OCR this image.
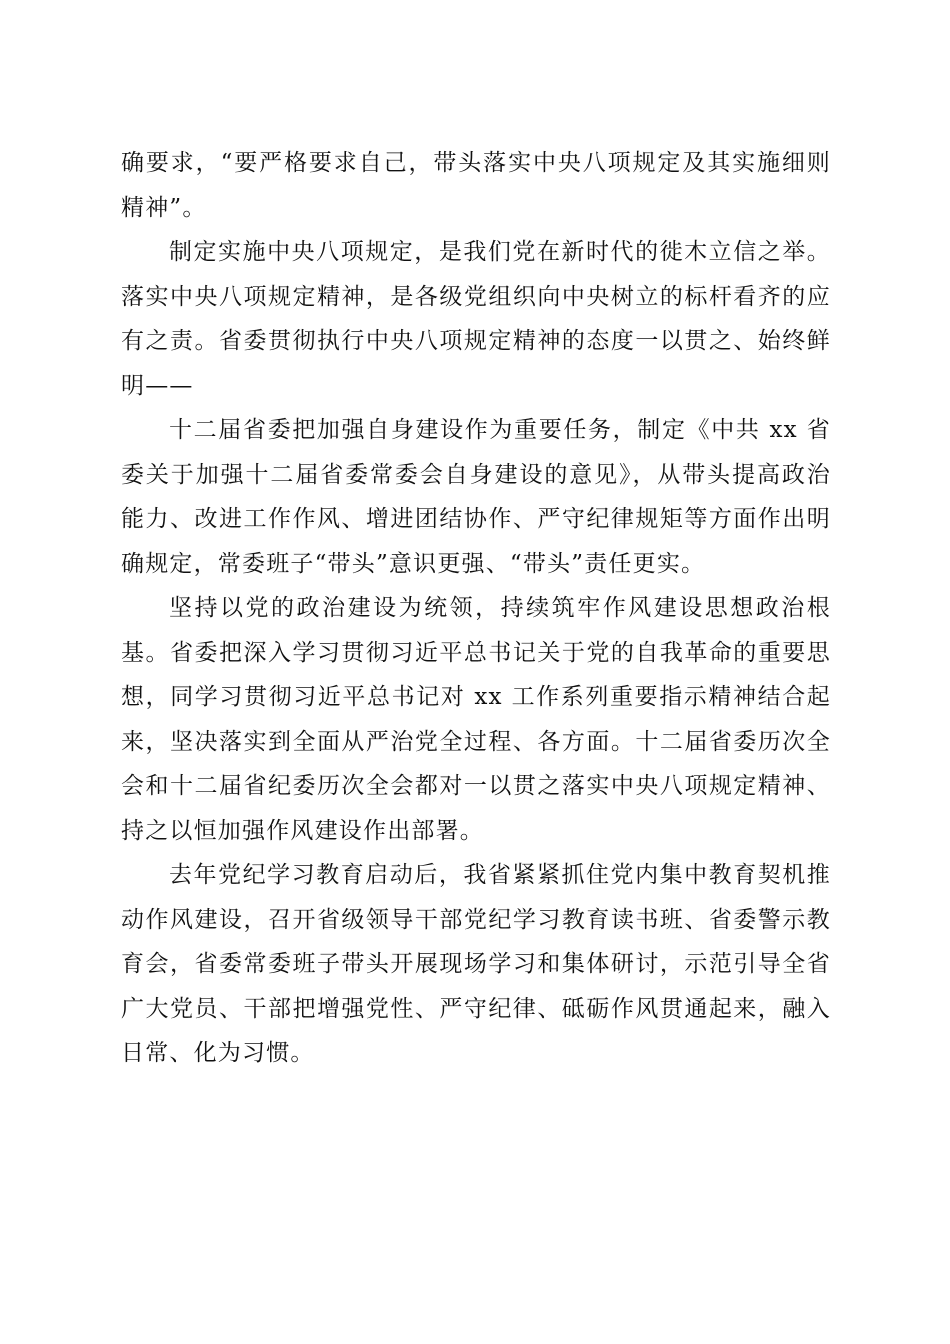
确要求，“要严格要求自己，带头落实中央八项规定及其实施细则精神”。

制定实施中央八项规定，是我们党在新时代的徙木立信之举。落实中央八项规定精神，是各级党组织向中央树立的标杆看齐的应有之责。省委贯彻执行中央八项规定精神的态度一以贯之、始终鲜明——

十二届省委把加强自身建设作为重要任务，制定《中共 xx 省委关于加强十二届省委常委会自身建设的意见》，从带头提高政治能力、改进工作作风、增进团结协作、严守纪律规矩等方面作出明确规定，常委班子“带头”意识更强、“带头”责任更实。

坚持以党的政治建设为统领，持续筑牢作风建设思想政治根基。省委把深入学习贯彻习近平总书记关于党的自我革命的重要思想，同学习贯彻习近平总书记对 xx 工作系列重要指示精神结合起来，坚决落实到全面从严治党全过程、各方面。十二届省委历次全会和十二届省纪委历次全会都对一以贯之落实中央八项规定精神、持之以恒加强作风建设作出部署。

去年党纪学习教育启动后，我省紧紧抓住党内集中教育契机推动作风建设，召开省级领导干部党纪学习教育读书班、省委警示教育会，省委常委班子带头开展现场学习和集体研讨，示范引导全省广大党员、干部把增强党性、严守纪律、砥砺作风贯通起来，融入日常、化为习惯。
